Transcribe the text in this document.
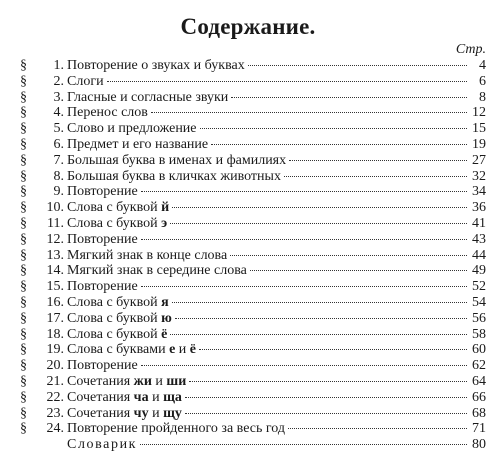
Содержание.
Стр.
§	1. Повторение о звуках и буквах	4
§	2. Слоги	6
§	3. Гласные и согласные звуки	8
§	4. Перенос слов	12
§	5. Слово и предложение	15
§	6. Предмет и его название	19
§	7. Большая буква в именах и фамилиях	27
§	8. Большая буква в кличках животных	32
§	9. Повторение	34
§	10. Слова с буквой й	36
§	11. Слова с буквой э	41
§	12. Повторение	43
§	13. Мягкий знак в конце слова	44
§	14. Мягкий знак в середине слова	49
§	15. Повторение	52
§	16. Слова с буквой я	54
§	17. Слова с буквой ю	56
§	18. Слова с буквой ё	58
§	19. Слова с буквами е и ё	60
§	20. Повторение	62
§	21. Сочетания жи и ши	64
§	22. Сочетания ча и ща	66
§	23. Сочетания чу и щу	68
§	24. Повторение пройденного за весь год	71
Словарик	80
